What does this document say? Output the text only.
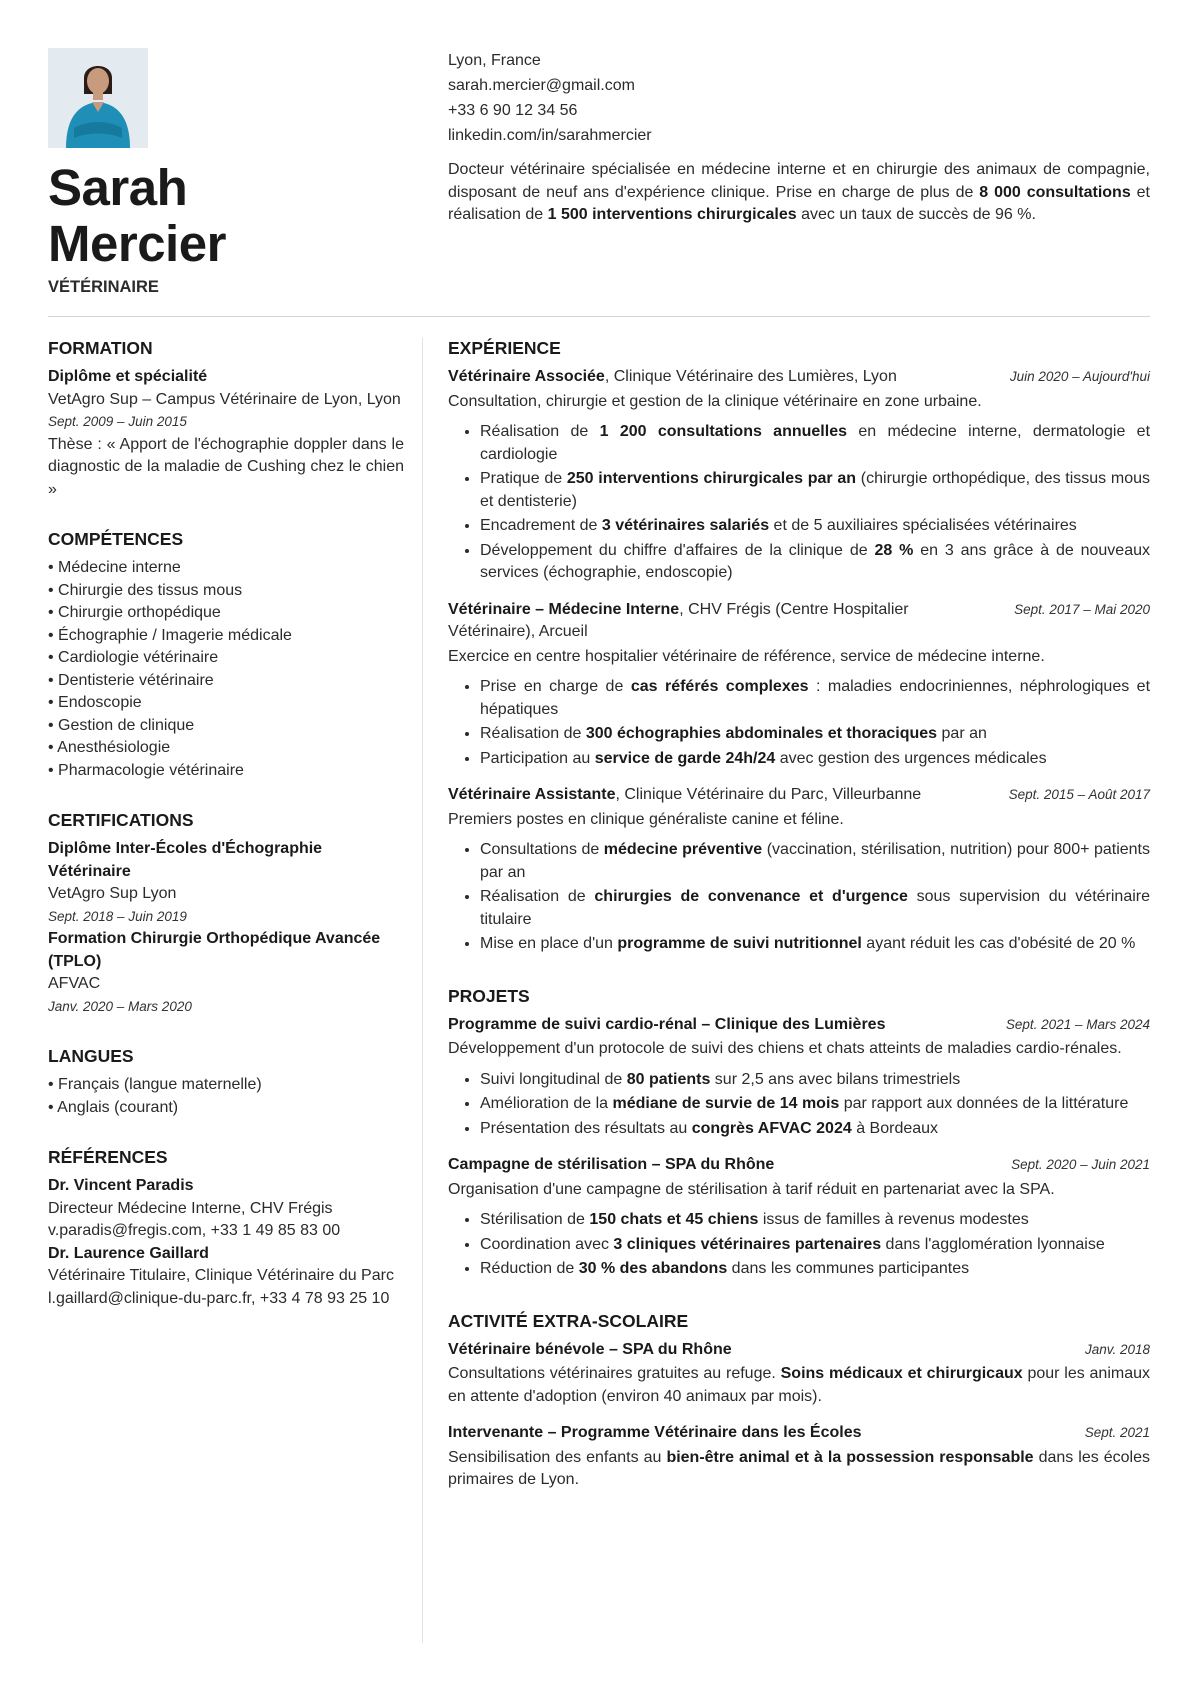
Sarah
Mercier
VÉTÉRINAIRE
Lyon, France
sarah.mercier@gmail.com
+33 6 90 12 34 56
linkedin.com/in/sarahmercier
Docteur vétérinaire spécialisée en médecine interne et en chirurgie des animaux de compagnie, disposant de neuf ans d'expérience clinique. Prise en charge de plus de 8 000 consultations et réalisation de 1 500 interventions chirurgicales avec un taux de succès de 96 %.
FORMATION
Diplôme et spécialité
VetAgro Sup – Campus Vétérinaire de Lyon, Lyon
Sept. 2009 – Juin 2015
Thèse : « Apport de l'échographie doppler dans le diagnostic de la maladie de Cushing chez le chien »
COMPÉTENCES
• Médecine interne
• Chirurgie des tissus mous
• Chirurgie orthopédique
• Échographie / Imagerie médicale
• Cardiologie vétérinaire
• Dentisterie vétérinaire
• Endoscopie
• Gestion de clinique
• Anesthésiologie
• Pharmacologie vétérinaire
CERTIFICATIONS
Diplôme Inter-Écoles d'Échographie Vétérinaire
VetAgro Sup Lyon
Sept. 2018 – Juin 2019
Formation Chirurgie Orthopédique Avancée (TPLO)
AFVAC
Janv. 2020 – Mars 2020
LANGUES
• Français (langue maternelle)
• Anglais (courant)
RÉFÉRENCES
Dr. Vincent Paradis
Directeur Médecine Interne, CHV Frégis
v.paradis@fregis.com, +33 1 49 85 83 00
Dr. Laurence Gaillard
Vétérinaire Titulaire, Clinique Vétérinaire du Parc
l.gaillard@clinique-du-parc.fr, +33 4 78 93 25 10
EXPÉRIENCE
Vétérinaire Associée, Clinique Vétérinaire des Lumières, Lyon	Juin 2020 – Aujourd'hui
Consultation, chirurgie et gestion de la clinique vétérinaire en zone urbaine.
• Réalisation de 1 200 consultations annuelles en médecine interne, dermatologie et cardiologie
• Pratique de 250 interventions chirurgicales par an (chirurgie orthopédique, des tissus mous et dentisterie)
• Encadrement de 3 vétérinaires salariés et de 5 auxiliaires spécialisées vétérinaires
• Développement du chiffre d'affaires de la clinique de 28 % en 3 ans grâce à de nouveaux services (échographie, endoscopie)
Vétérinaire – Médecine Interne, CHV Frégis (Centre Hospitalier Vétérinaire), Arcueil
Sept. 2017 – Mai 2020
Exercice en centre hospitalier vétérinaire de référence, service de médecine interne.
• Prise en charge de cas référés complexes : maladies endocriniennes, néphrologiques et hépatiques
• Réalisation de 300 échographies abdominales et thoraciques par an
• Participation au service de garde 24h/24 avec gestion des urgences médicales
Vétérinaire Assistante, Clinique Vétérinaire du Parc, Villeurbanne	Sept. 2015 – Août 2017
Premiers postes en clinique généraliste canine et féline.
• Consultations de médecine préventive (vaccination, stérilisation, nutrition) pour 800+ patients par an
• Réalisation de chirurgies de convenance et d'urgence sous supervision du vétérinaire titulaire
• Mise en place d'un programme de suivi nutritionnel ayant réduit les cas d'obésité de 20 %
PROJETS
Programme de suivi cardio-rénal – Clinique des Lumières	Sept. 2021 – Mars 2024
Développement d'un protocole de suivi des chiens et chats atteints de maladies cardio-rénales.
• Suivi longitudinal de 80 patients sur 2,5 ans avec bilans trimestriels
• Amélioration de la médiane de survie de 14 mois par rapport aux données de la littérature
• Présentation des résultats au congrès AFVAC 2024 à Bordeaux
Campagne de stérilisation – SPA du Rhône	Sept. 2020 – Juin 2021
Organisation d'une campagne de stérilisation à tarif réduit en partenariat avec la SPA.
• Stérilisation de 150 chats et 45 chiens issus de familles à revenus modestes
• Coordination avec 3 cliniques vétérinaires partenaires dans l'agglomération lyonnaise
• Réduction de 30 % des abandons dans les communes participantes
ACTIVITÉ EXTRA-SCOLAIRE
Vétérinaire bénévole – SPA du Rhône	Janv. 2018
Consultations vétérinaires gratuites au refuge. Soins médicaux et chirurgicaux pour les animaux en attente d'adoption (environ 40 animaux par mois).
Intervenante – Programme Vétérinaire dans les Écoles	Sept. 2021
Sensibilisation des enfants au bien-être animal et à la possession responsable dans les écoles primaires de Lyon.
